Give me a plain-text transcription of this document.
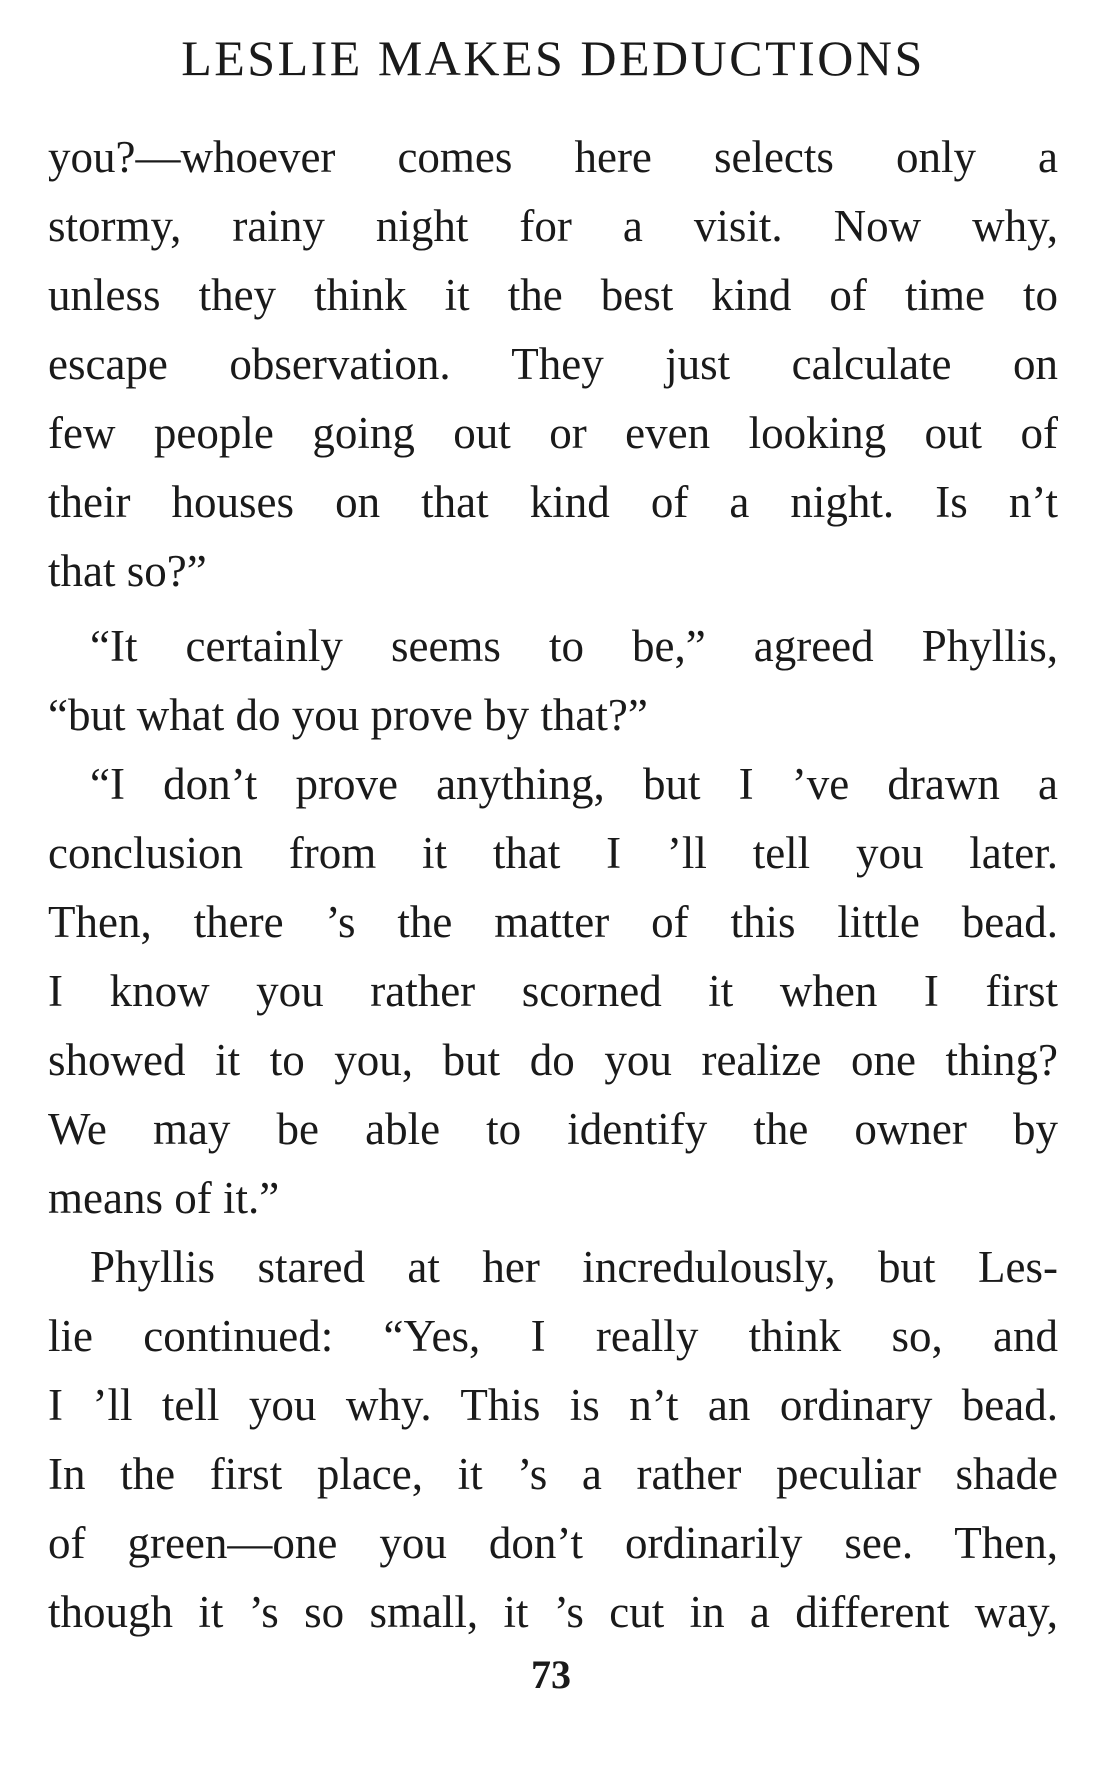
LESLIE MAKES DEDUCTIONS
you?—whoever comes here selects only a
stormy, rainy night for a visit. Now why,
unless they think it the best kind of time to
escape observation. They just calculate on
few people going out or even looking out of
their houses on that kind of a night. Is n’t
that so?”
“It certainly seems to be,” agreed Phyllis,
“but what do you prove by that?”
“I don’t prove anything, but I ’ve drawn a
conclusion from it that I ’ll tell you later.
Then, there ’s the matter of this little bead.
I know you rather scorned it when I first
showed it to you, but do you realize one thing?
We may be able to identify the owner by
means of it.”
Phyllis stared at her incredulously, but Les-
lie continued: “Yes, I really think so, and
I ’ll tell you why. This is n’t an ordinary bead.
In the first place, it ’s a rather peculiar shade
of green—one you don’t ordinarily see. Then,
though it ’s so small, it ’s cut in a different way,
73
